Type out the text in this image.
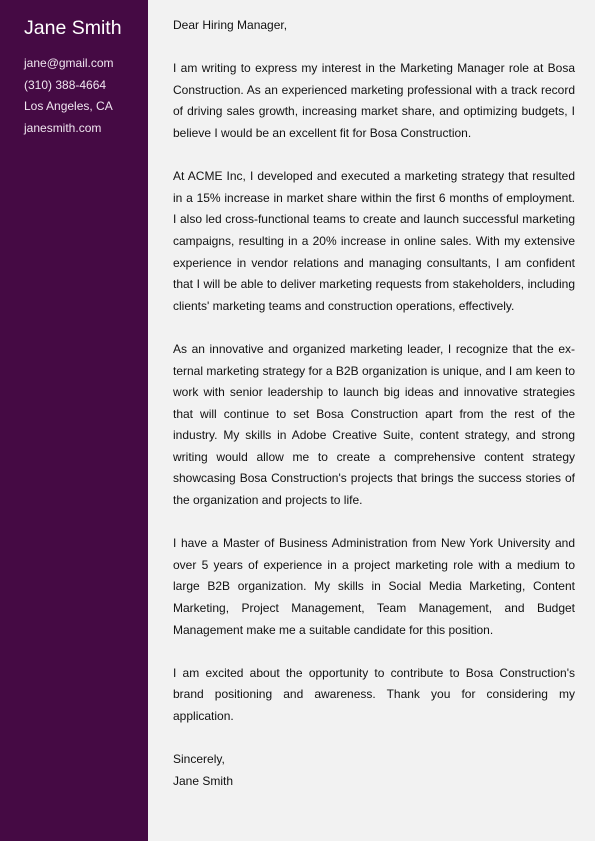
Jane Smith
jane@gmail.com
(310) 388-4664
Los Angeles, CA
janesmith.com

Dear Hiring Manager,

I am writing to express my interest in the Marketing Manager role at Bosa Construction. As an experienced marketing professional with a track record of driving sales growth, increasing market share, and optimizing budgets, I believe I would be an excellent fit for Bosa Construction.

At ACME Inc, I developed and executed a marketing strategy that resulted in a 15% increase in market share within the first 6 months of employment. I also led cross-functional teams to create and launch successful marketing campaigns, resulting in a 20% increase in online sales. With my extensive experience in vendor relations and managing consultants, I am confident that I will be able to deliver marketing requests from stakeholders, including clients' marketing teams and construction operations, effectively.

As an innovative and organized marketing leader, I recognize that the external marketing strategy for a B2B organization is unique, and I am keen to work with senior leadership to launch big ideas and innovative strategies that will continue to set Bosa Construction apart from the rest of the industry. My skills in Adobe Creative Suite, content strategy, and strong writing would allow me to create a comprehensive content strategy showcasing Bosa Construction's projects that brings the success stories of the organization and projects to life.

I have a Master of Business Administration from New York University and over 5 years of experience in a project marketing role with a medium to large B2B organization. My skills in Social Media Marketing, Content Marketing, Project Management, Team Management, and Budget Management make me a suitable candidate for this position.

I am excited about the opportunity to contribute to Bosa Construction's brand positioning and awareness. Thank you for considering my application.

Sincerely,

Jane Smith
